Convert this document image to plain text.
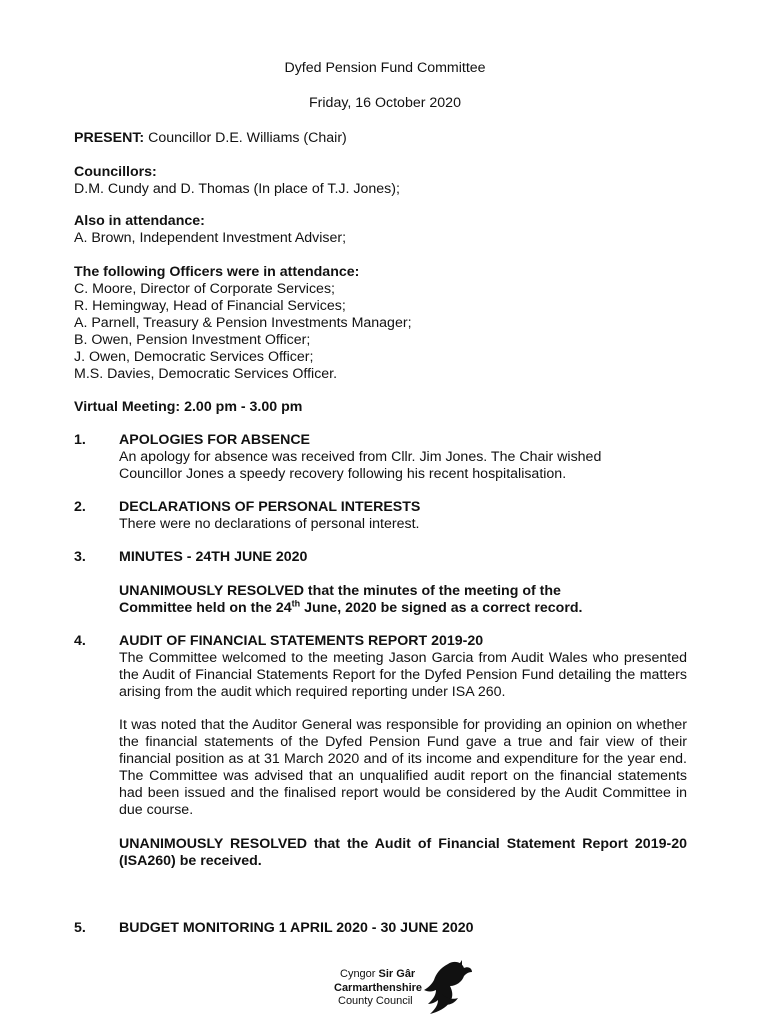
Dyfed Pension Fund Committee
Friday, 16 October 2020
PRESENT: Councillor D.E. Williams (Chair)
Councillors:
D.M. Cundy and D. Thomas (In place of T.J. Jones);
Also in attendance:
A. Brown, Independent Investment Adviser;
The following Officers were in attendance:
C. Moore, Director of Corporate Services;
R. Hemingway, Head of Financial Services;
A. Parnell, Treasury & Pension Investments Manager;
B. Owen, Pension Investment Officer;
J. Owen, Democratic Services Officer;
M.S. Davies, Democratic Services Officer.
Virtual Meeting: 2.00 pm - 3.00 pm
1. APOLOGIES FOR ABSENCE
An apology for absence was received from Cllr. Jim Jones. The Chair wished
Councillor Jones a speedy recovery following his recent hospitalisation.
2. DECLARATIONS OF PERSONAL INTERESTS
There were no declarations of personal interest.
3. MINUTES - 24TH JUNE 2020
UNANIMOUSLY RESOLVED that the minutes of the meeting of the
Committee held on the 24th June, 2020 be signed as a correct record.
4. AUDIT OF FINANCIAL STATEMENTS REPORT 2019-20
The Committee welcomed to the meeting Jason Garcia from Audit Wales who presented the Audit of Financial Statements Report for the Dyfed Pension Fund detailing the matters arising from the audit which required reporting under ISA 260.
It was noted that the Auditor General was responsible for providing an opinion on whether the financial statements of the Dyfed Pension Fund gave a true and fair view of their financial position as at 31 March 2020 and of its income and expenditure for the year end. The Committee was advised that an unqualified audit report on the financial statements had been issued and the finalised report would be considered by the Audit Committee in due course.
UNANIMOUSLY RESOLVED that the Audit of Financial Statement Report 2019-20 (ISA260) be received.
5. BUDGET MONITORING 1 APRIL 2020 - 30 JUNE 2020
Cyngor Sir Gâr
Carmarthenshire
County Council
